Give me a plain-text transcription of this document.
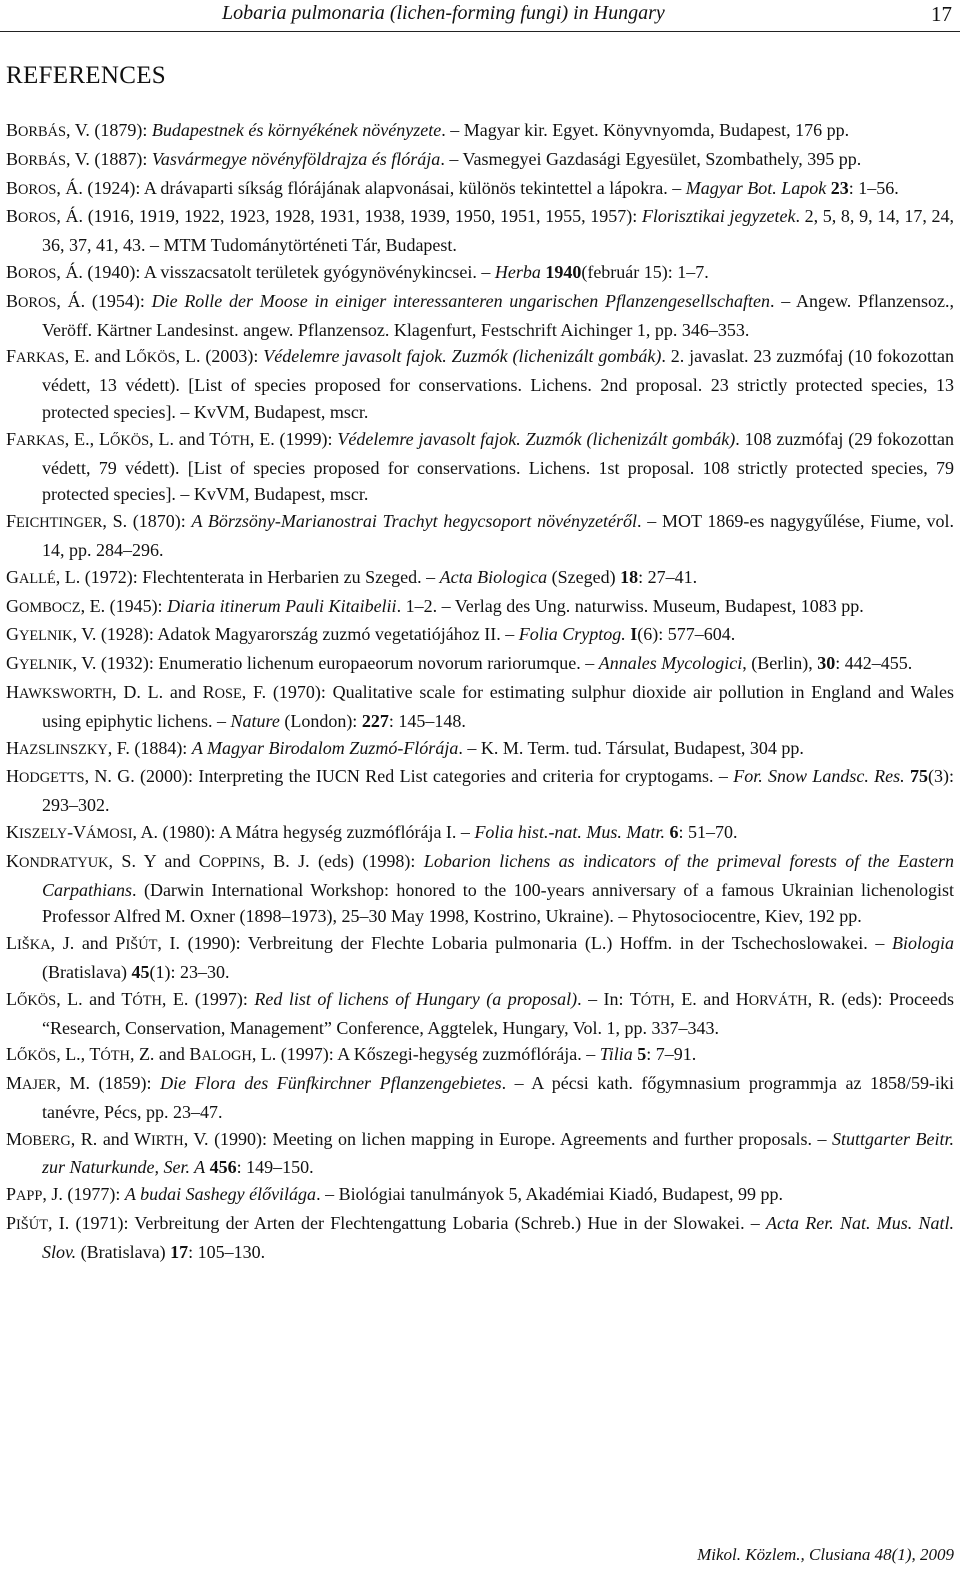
Lobaria pulmonaria (lichen-forming fungi) in Hungary	17
REFERENCES
BORBÁS, V. (1879): Budapestnek és környékének növényzete. – Magyar kir. Egyet. Könyvnyomda, Budapest, 176 pp.
BORBÁS, V. (1887): Vasvármegye növényföldrajza és flórája. – Vasmegyei Gazdasági Egyesület, Szombathely, 395 pp.
BOROS, Á. (1924): A drávaparti síkság flórájának alapvonásai, különös tekintettel a lápokra. – Magyar Bot. Lapok 23: 1–56.
BOROS, Á. (1916, 1919, 1922, 1923, 1928, 1931, 1938, 1939, 1950, 1951, 1955, 1957): Florisztikai jegyzetek. 2, 5, 8, 9, 14, 17, 24, 36, 37, 41, 43. – MTM Tudománytörténeti Tár, Budapest.
BOROS, Á. (1940): A visszacsatolt területek gyógynövénykincsei. – Herba 1940(február 15): 1–7.
BOROS, Á. (1954): Die Rolle der Moose in einiger interessanteren ungarischen Pflanzengesellschaften. – Angew. Pflanzensoz., Veröff. Kärtner Landesinst. angew. Pflanzensoz. Klagenfurt, Festschrift Aichinger 1, pp. 346–353.
FARKAS, E. and LŐKÖS, L. (2003): Védelemre javasolt fajok. Zuzmók (lichenizált gombák). 2. javaslat. 23 zuzmófaj (10 fokozottan védett, 13 védett). [List of species proposed for conservations. Lichens. 2nd proposal. 23 strictly protected species, 13 protected species]. – KvVM, Budapest, mscr.
FARKAS, E., LŐKÖS, L. and TÓTH, E. (1999): Védelemre javasolt fajok. Zuzmók (lichenizált gombák). 108 zuzmófaj (29 fokozottan védett, 79 védett). [List of species proposed for conservations. Lichens. 1st proposal. 108 strictly protected species, 79 protected species]. – KvVM, Budapest, mscr.
FEICHTINGER, S. (1870): A Börzsöny-Marianostrai Trachyt hegycsoport növényzetéről. – MOT 1869-es nagygyűlése, Fiume, vol. 14, pp. 284–296.
GALLÉ, L. (1972): Flechtenterata in Herbarien zu Szeged. – Acta Biologica (Szeged) 18: 27–41.
GOMBOCZ, E. (1945): Diaria itinerum Pauli Kitaibelii. 1–2. – Verlag des Ung. naturwiss. Museum, Budapest, 1083 pp.
GYELNIK, V. (1928): Adatok Magyarország zuzmó vegetatiójához II. – Folia Cryptog. I(6): 577–604.
GYELNIK, V. (1932): Enumeratio lichenum europaeorum novorum rariorumque. – Annales Mycologici, (Berlin), 30: 442–455.
HAWKSWORTH, D. L. and ROSE, F. (1970): Qualitative scale for estimating sulphur dioxide air pollution in England and Wales using epiphytic lichens. – Nature (London): 227: 145–148.
HAZSLINSZKY, F. (1884): A Magyar Birodalom Zuzmó-Flórája. – K. M. Term. tud. Társulat, Budapest, 304 pp.
HODGETTS, N. G. (2000): Interpreting the IUCN Red List categories and criteria for cryptogams. – For. Snow Landsc. Res. 75(3): 293–302.
KISZELY-VÁMOSI, A. (1980): A Mátra hegység zuzmóflórája I. – Folia hist.-nat. Mus. Matr. 6: 51–70.
KONDRATYUK, S. Y and COPPINS, B. J. (eds) (1998): Lobarion lichens as indicators of the primeval forests of the Eastern Carpathians. (Darwin International Workshop: honored to the 100-years anniversary of a famous Ukrainian lichenologist Professor Alfred M. Oxner (1898–1973), 25–30 May 1998, Kostrino, Ukraine). – Phytosociocentre, Kiev, 192 pp.
LIŠKA, J. and PIŠÚT, I. (1990): Verbreitung der Flechte Lobaria pulmonaria (L.) Hoffm. in der Tschechoslowakei. – Biologia (Bratislava) 45(1): 23–30.
LŐKÖS, L. and TÓTH, E. (1997): Red list of lichens of Hungary (a proposal). – In: TÓTH, E. and HORVÁTH, R. (eds): Proceeds “Research, Conservation, Management” Conference, Aggtelek, Hungary, Vol. 1, pp. 337–343.
LŐKÖS, L., TÓTH, Z. and BALOGH, L. (1997): A Kőszegi-hegység zuzmóflórája. – Tilia 5: 7–91.
MAJER, M. (1859): Die Flora des Fünfkirchner Pflanzengebietes. – A pécsi kath. főgymnasium programmja az 1858/59-iki tanévre, Pécs, pp. 23–47.
MOBERG, R. and WIRTH, V. (1990): Meeting on lichen mapping in Europe. Agreements and further proposals. – Stuttgarter Beitr. zur Naturkunde, Ser. A 456: 149–150.
PAPP, J. (1977): A budai Sashegy élővilága. – Biológiai tanulmányok 5, Akadémiai Kiadó, Budapest, 99 pp.
PIŠÚT, I. (1971): Verbreitung der Arten der Flechtengattung Lobaria (Schreb.) Hue in der Slowakei. – Acta Rer. Nat. Mus. Natl. Slov. (Bratislava) 17: 105–130.
Mikol. Közlem., Clusiana 48(1), 2009
